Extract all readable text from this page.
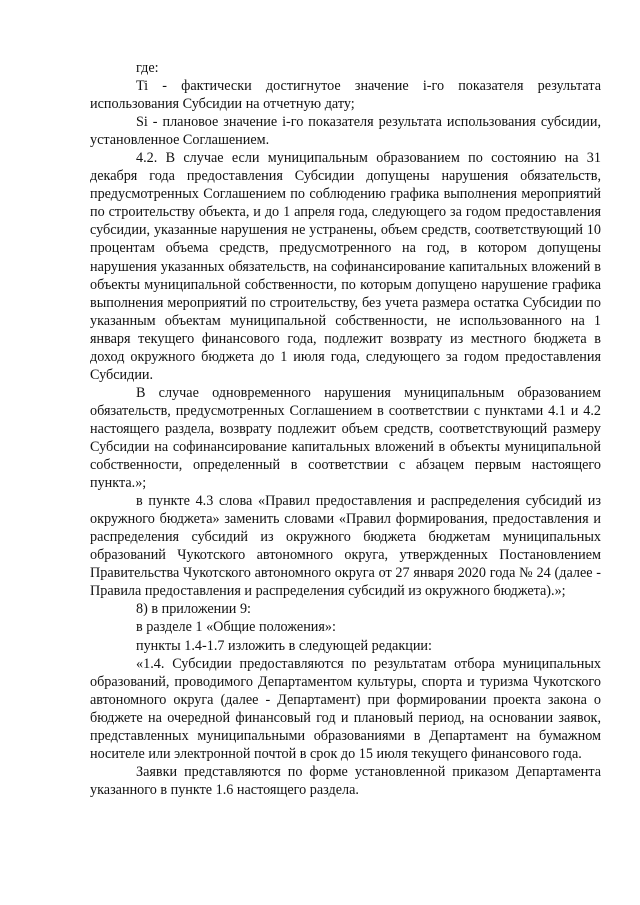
где:

Ti - фактически достигнутое значение i-го показателя результата использования Субсидии на отчетную дату;

Si - плановое значение i-го показателя результата использования субсидии, установленное Соглашением.

4.2. В случае если муниципальным образованием по состоянию на 31 декабря года предоставления Субсидии допущены нарушения обязательств, предусмотренных Соглашением по соблюдению графика выполнения мероприятий по строительству объекта, и до 1 апреля года, следующего за годом предоставления субсидии, указанные нарушения не устранены, объем средств, соответствующий 10 процентам объема средств, предусмотренного на год, в котором допущены нарушения указанных обязательств, на софинансирование капитальных вложений в объекты муниципальной собственности, по которым допущено нарушение графика выполнения мероприятий по строительству, без учета размера остатка Субсидии по указанным объектам муниципальной собственности, не использованного на 1 января текущего финансового года, подлежит возврату из местного бюджета в доход окружного бюджета до 1 июля года, следующего за годом предоставления Субсидии.

В случае одновременного нарушения муниципальным образованием обязательств, предусмотренных Соглашением в соответствии с пунктами 4.1 и 4.2 настоящего раздела, возврату подлежит объем средств, соответствующий размеру Субсидии на софинансирование капитальных вложений в объекты муниципальной собственности, определенный в соответствии с абзацем первым настоящего пункта.»;

в пункте 4.3 слова «Правил предоставления и распределения субсидий из окружного бюджета» заменить словами «Правил формирования, предоставления и распределения субсидий из окружного бюджета бюджетам муниципальных образований Чукотского автономного округа, утвержденных Постановлением Правительства Чукотского автономного округа от 27 января 2020 года № 24 (далее - Правила предоставления и распределения субсидий из окружного бюджета).»;

8) в приложении 9:

в разделе 1 «Общие положения»:

пункты 1.4-1.7 изложить в следующей редакции:

«1.4. Субсидии предоставляются по результатам отбора муниципальных образований, проводимого Департаментом культуры, спорта и туризма Чукотского автономного округа (далее - Департамент) при формировании проекта закона о бюджете на очередной финансовый год и плановый период, на основании заявок, представленных муниципальными образованиями в Департамент на бумажном носителе или электронной почтой в срок до 15 июля текущего финансового года.

Заявки представляются по форме установленной приказом Департамента указанного в пункте 1.6 настоящего раздела.
